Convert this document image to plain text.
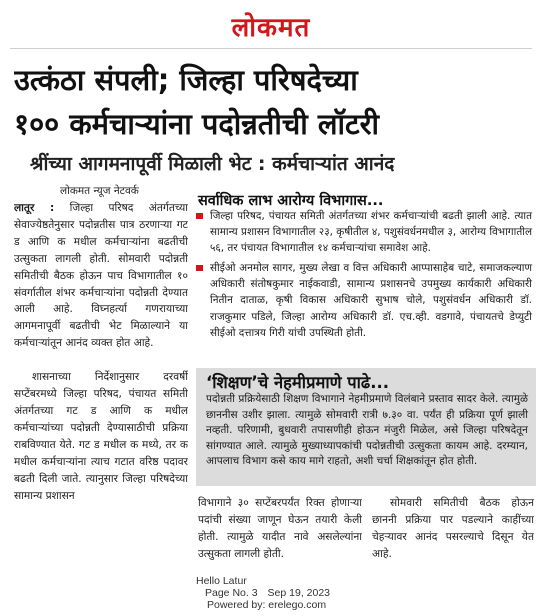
लोकमत
उत्कंठा संपली; जिल्हा परिषदेच्या
१०० कर्मचाऱ्यांना पदोन्नतीची लॉटरी
श्रींच्या आगमनापूर्वी मिळाली भेट : कर्मचाऱ्यांत आनंद
लोकमत न्यूज नेटवर्क

लातूर : जिल्हा परिषद अंतर्गतच्या सेवाज्येष्ठतेनुसार पदोन्नतीस पात्र ठरणाऱ्या गट ड आणि क मधील कर्मचाऱ्यांना बढतीची उत्सुकता लागली होती. सोमवारी पदोन्नती समितीची बैठक होऊन पाच विभागातील १० संवर्गातील शंभर कर्मचाऱ्यांना पदोन्नती देण्यात आली आहे. विघ्नहर्त्या गणरायाच्या आगमनापूर्वी बढतीची भेट मिळाल्याने या कर्मचाऱ्यांतून आनंद व्यक्त होत आहे.

शासनाच्या निर्देशानुसार दरवर्षी सप्टेंबरमध्ये जिल्हा परिषद, पंचायत समिती अंतर्गतच्या गट ड आणि क मधील कर्मचाऱ्यांच्या पदोन्नती देण्यासाठीची प्रक्रिया राबविण्यात येते. गट ड मधील क मध्ये, तर क मधील कर्मचाऱ्यांना त्याच गटात वरिष्ठ पदावर बढती दिली जाते. त्यानुसार जिल्हा परिषदेच्या सामान्य प्रशासन

सर्वाधिक लाभ आरोग्य विभागास...
जिल्हा परिषद, पंचायत समिती अंतर्गतच्या शंभर कर्मचाऱ्यांची बढती झाली आहे. त्यात सामान्य प्रशासन विभागातील २३, कृषीतील ४, पशुसंवर्धनमधील ३, आरोग्य विभागातील ५६, तर पंचायत विभागातील १४ कर्मचाऱ्यांचा समावेश आहे.
सीईओ अनमोल सागर, मुख्य लेखा व वित्त अधिकारी आप्पासाहेब चाटे, समाजकल्याण अधिकारी संतोषकुमार नाईकवाडी, सामान्य प्रशासनचे उपमुख्य कार्यकारी अधिकारी नितीन दाताळ, कृषी विकास अधिकारी सुभाष चोले, पशुसंवर्धन अधिकारी डॉ. राजकुमार पडिले, जिल्हा आरोग्य अधिकारी डॉ. एच.व्ही. वडगावे, पंचायतचे डेप्युटी सीईओ दत्तात्रय गिरी यांची उपस्थिती होती.
‘शिक्षण’चे नेहमीप्रमाणे पाढे...
पदोन्नती प्रक्रियेसाठी शिक्षण विभागाने नेहमीप्रमाणे विलंबाने प्रस्ताव सादर केले. त्यामुळे छाननीस उशीर झाला. त्यामुळे सोमवारी रात्री ७.३० वा. पर्यंत ही प्रक्रिया पूर्ण झाली नव्हती. परिणामी, बुधवारी तपासणीही होऊन मंजुरी मिळेल, असे जिल्हा परिषदेतून सांगण्यात आले. त्यामुळे मुख्याध्यापकांची पदोन्नतीची उत्सुकता कायम आहे. दरम्यान, आपलाच विभाग कसे काय मागे राहतो, अशी चर्चा शिक्षकांतून होत होती.

विभागाने ३० सप्टेंबरपर्यंत रिक्त होणाऱ्या पदांची संख्या जाणून घेऊन तयारी केली होती. त्यामुळे यादीत नावे असलेल्यांना उत्सुकता लागली होती.

सोमवारी समितीची बैठक होऊन छाननी प्रक्रिया पार पडल्याने काहींच्या चेहऱ्यावर आनंद पसरल्याचे दिसून येत आहे.

Hello Latur
Page No. 3 Sep 19, 2023
Powered by: erelego.com
